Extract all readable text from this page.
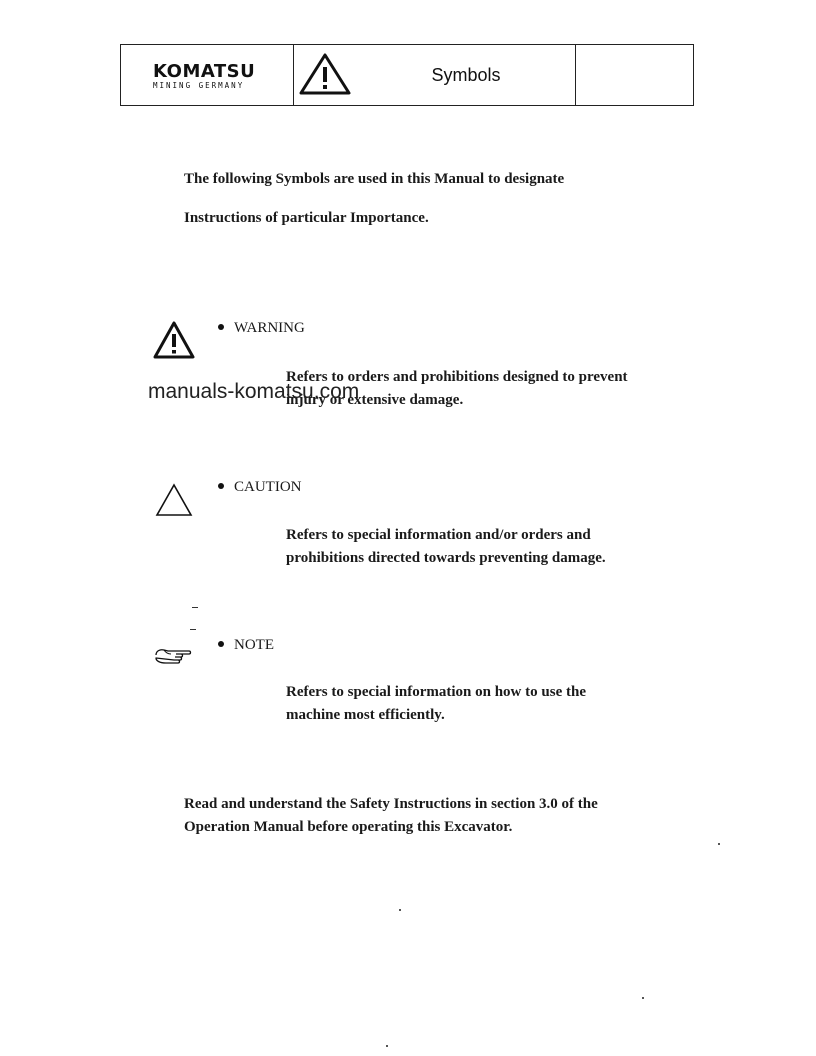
KOMATSU
MINING GERMANY
Symbols
The following Symbols are used in this Manual to designate
Instructions of particular Importance.
WARNING
Refers to orders and prohibitions designed to prevent
injury or extensive damage.
manuals-komatsu.com
CAUTION
Refers to special information and/or orders and
prohibitions directed towards preventing damage.
NOTE
Refers to special information on how to use the
machine most efficiently.
Read and understand the Safety Instructions in section 3.0 of the
Operation Manual before operating this Excavator.
